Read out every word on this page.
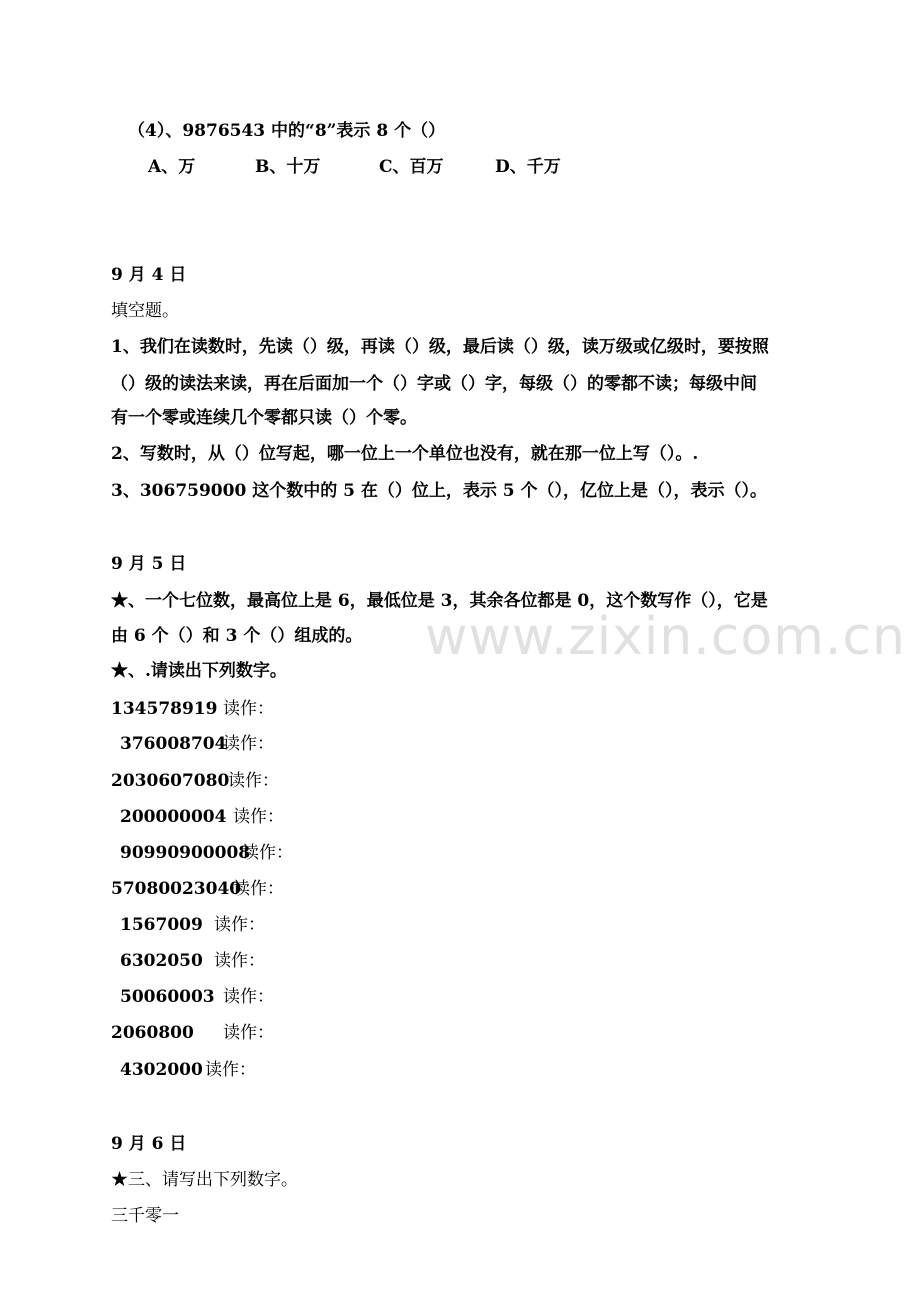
（4）、9876543 中的“8”表示 8 个（）
A、万	B、十万	C、百万	D、千万
9 月 4 日
填空题。
1、我们在读数时，先读（）级，再读（）级，最后读（）级，读万级或亿级时，要按照
（）级的读法来读，再在后面加一个（）字或（）字，每级（）的零都不读；每级中间
有一个零或连续几个零都只读（）个零。
2、写数时，从（）位写起，哪一位上一个单位也没有，就在那一位上写（）。.
3、306759000 这个数中的 5 在（）位上，表示 5 个（），亿位上是（），表示（）。
9 月 5 日
★、一个七位数，最高位上是 6，最低位是 3，其余各位都是 0，这个数写作（），它是
由 6 个（）和 3 个（）组成的。
★、.请读出下列数字。
134578919 读作：
376008704读作：
2030607080读作：
200000004 读作：
90990900008读作：
57080023040读作：
1567009 读作：
6302050 读作：
50060003 读作：
2060800 读作：
4302000 读作：
9 月 6 日
★三、请写出下列数字。
三千零一
www.zixin.com.cn
